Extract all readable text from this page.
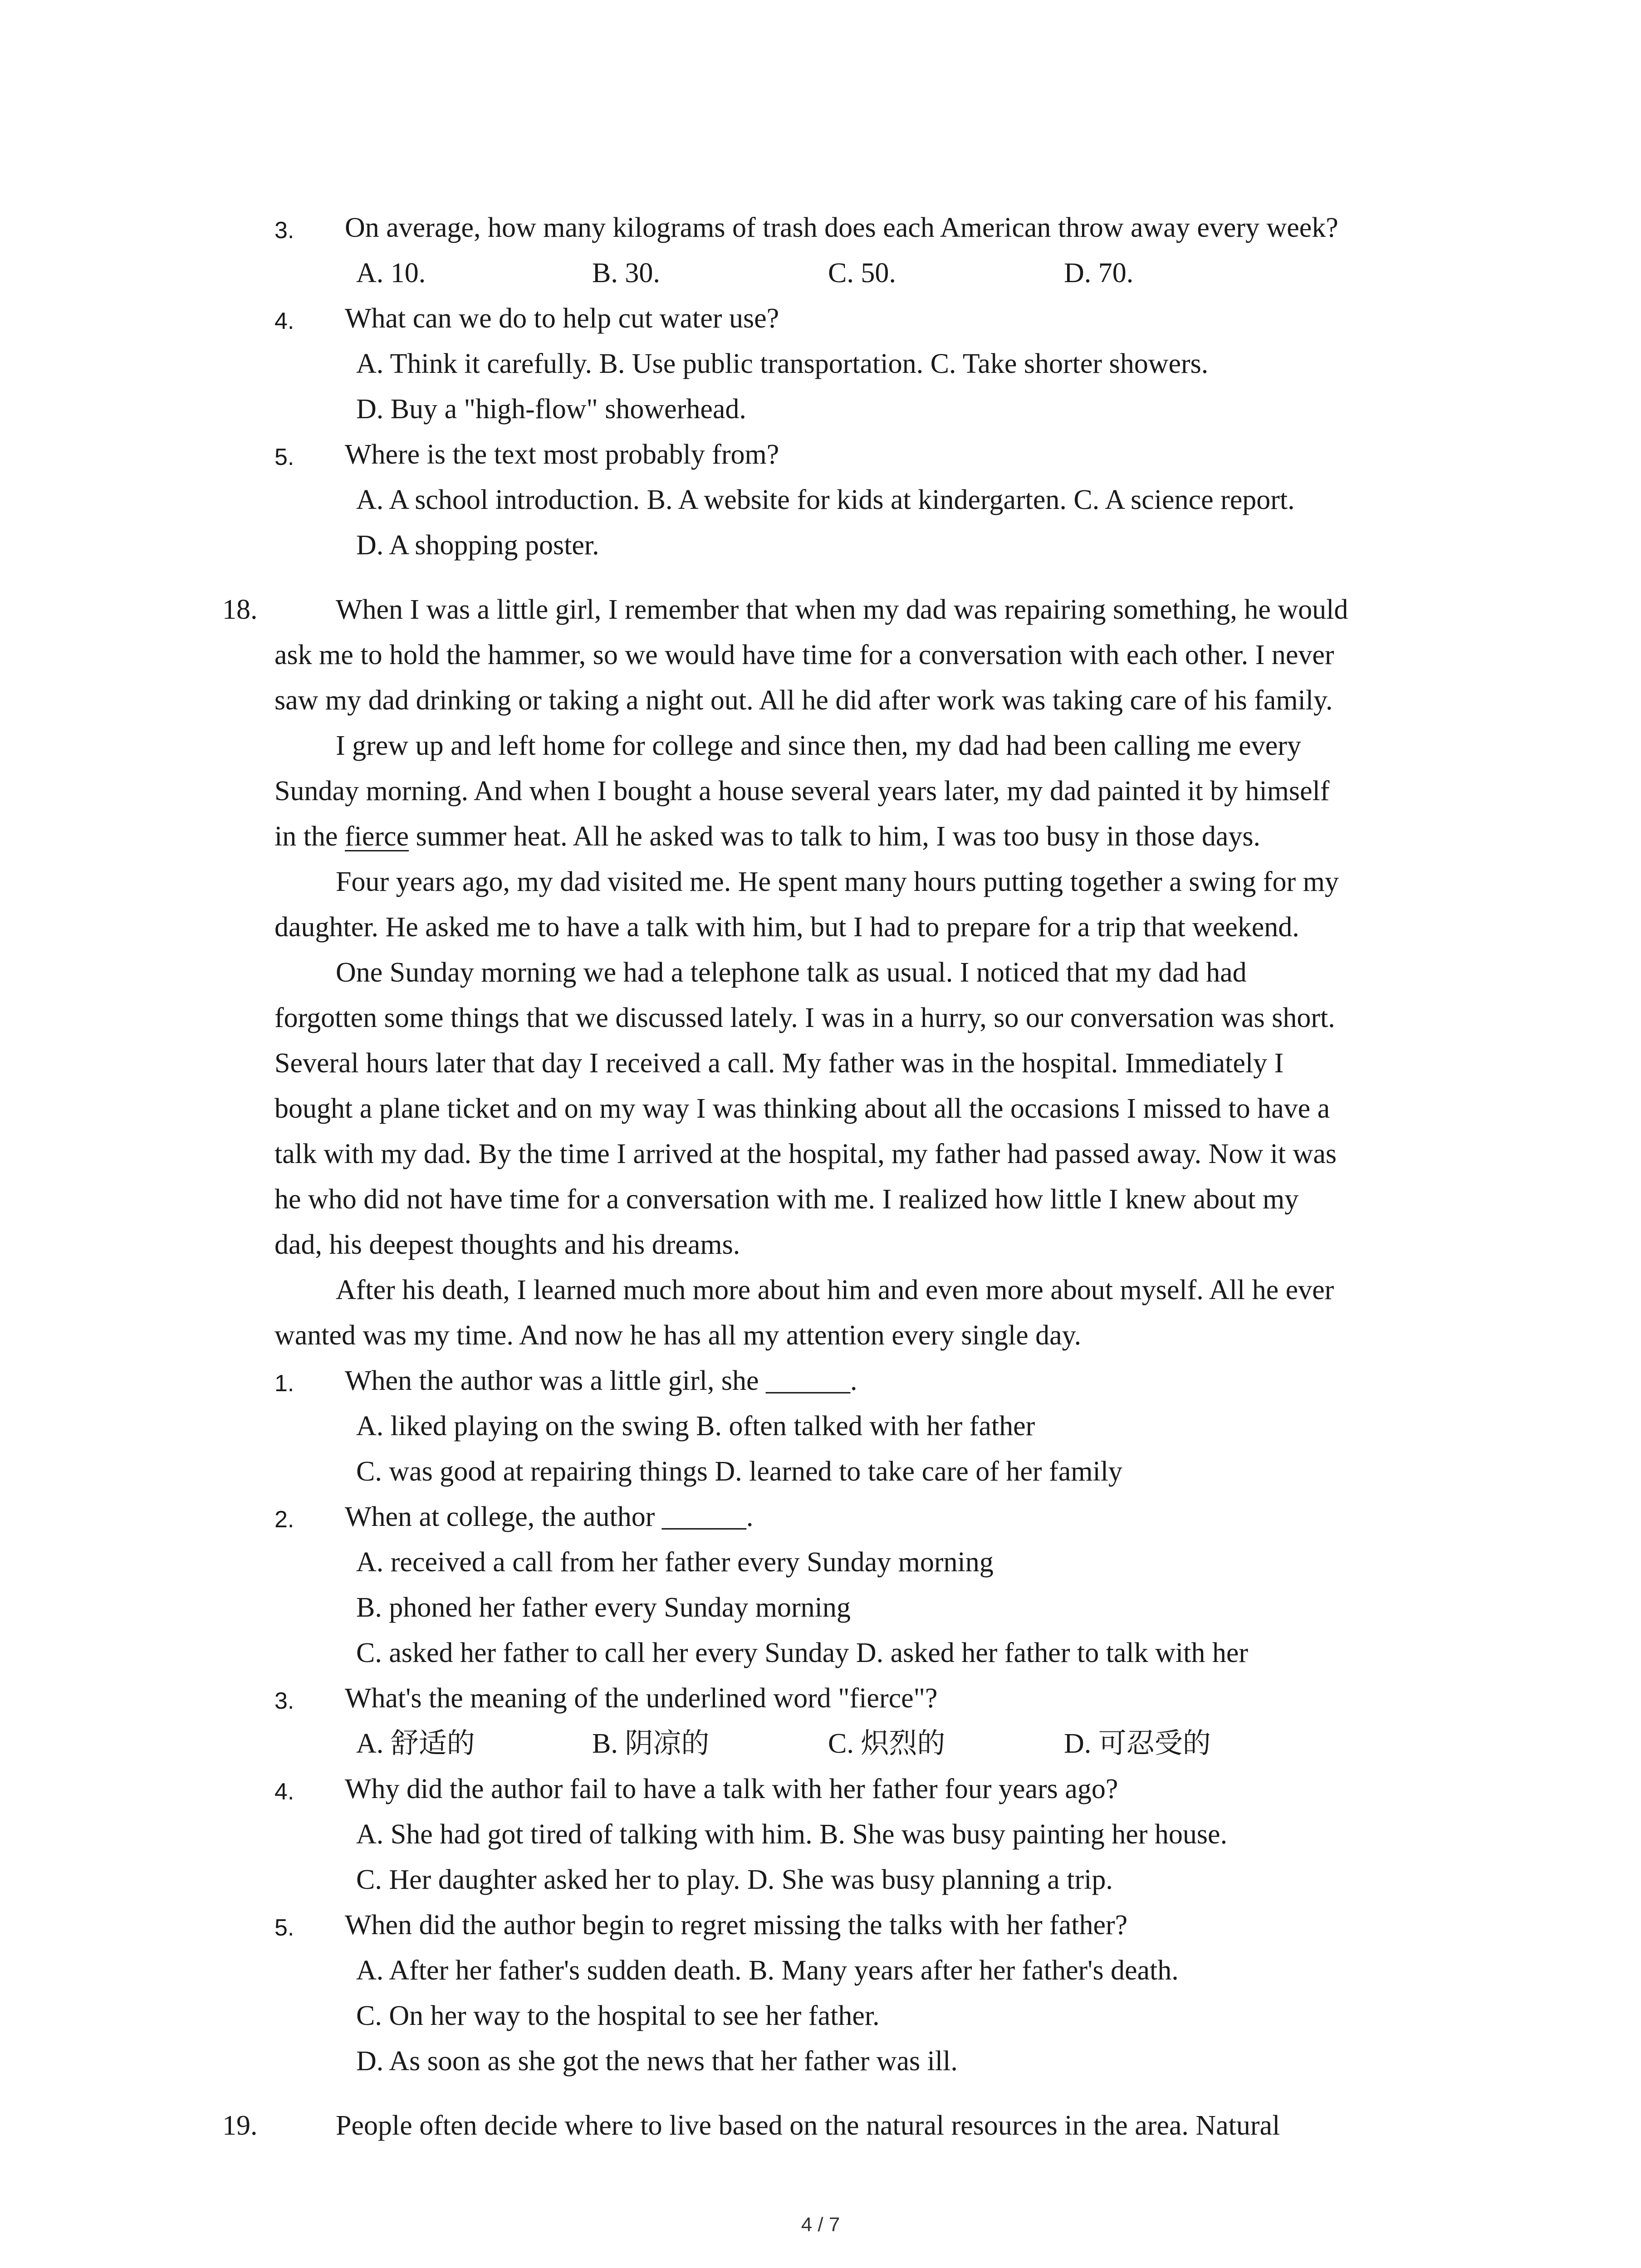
3. On average, how many kilograms of trash does each American throw away every week?
A. 10.	B. 30.	C. 50.	D. 70.
4. What can we do to help cut water use?
A. Think it carefully. B. Use public transportation. C. Take shorter showers.
D. Buy a "high-flow" showerhead.
5. Where is the text most probably from?
A. A school introduction. B. A website for kids at kindergarten. C. A science report.
D. A shopping poster.
18.	When I was a little girl, I remember that when my dad was repairing something, he would
ask me to hold the hammer, so we would have time for a conversation with each other. I never
saw my dad drinking or taking a night out. All he did after work was taking care of his family.
I grew up and left home for college and since then, my dad had been calling me every
Sunday morning. And when I bought a house several years later, my dad painted it by himself
in the fierce summer heat. All he asked was to talk to him, I was too busy in those days.
Four years ago, my dad visited me. He spent many hours putting together a swing for my
daughter. He asked me to have a talk with him, but I had to prepare for a trip that weekend.
One Sunday morning we had a telephone talk as usual. I noticed that my dad had
forgotten some things that we discussed lately. I was in a hurry, so our conversation was short.
Several hours later that day I received a call. My father was in the hospital. Immediately I
bought a plane ticket and on my way I was thinking about all the occasions I missed to have a
talk with my dad. By the time I arrived at the hospital, my father had passed away. Now it was
he who did not have time for a conversation with me. I realized how little I knew about my
dad, his deepest thoughts and his dreams.
After his death, I learned much more about him and even more about myself. All he ever
wanted was my time. And now he has all my attention every single day.
1. When the author was a little girl, she ______.
A. liked playing on the swing B. often talked with her father
C. was good at repairing things D. learned to take care of her family
2. When at college, the author ______.
A. received a call from her father every Sunday morning
B. phoned her father every Sunday morning
C. asked her father to call her every Sunday D. asked her father to talk with her
3. What's the meaning of the underlined word "fierce"?
A. 舒适的	B. 阴凉的	C. 炽烈的	D. 可忍受的
4. Why did the author fail to have a talk with her father four years ago?
A. She had got tired of talking with him. B. She was busy painting her house.
C. Her daughter asked her to play. D. She was busy planning a trip.
5. When did the author begin to regret missing the talks with her father?
A. After her father's sudden death. B. Many years after her father's death.
C. On her way to the hospital to see her father.
D. As soon as she got the news that her father was ill.
19.	People often decide where to live based on the natural resources in the area. Natural
4 / 7
